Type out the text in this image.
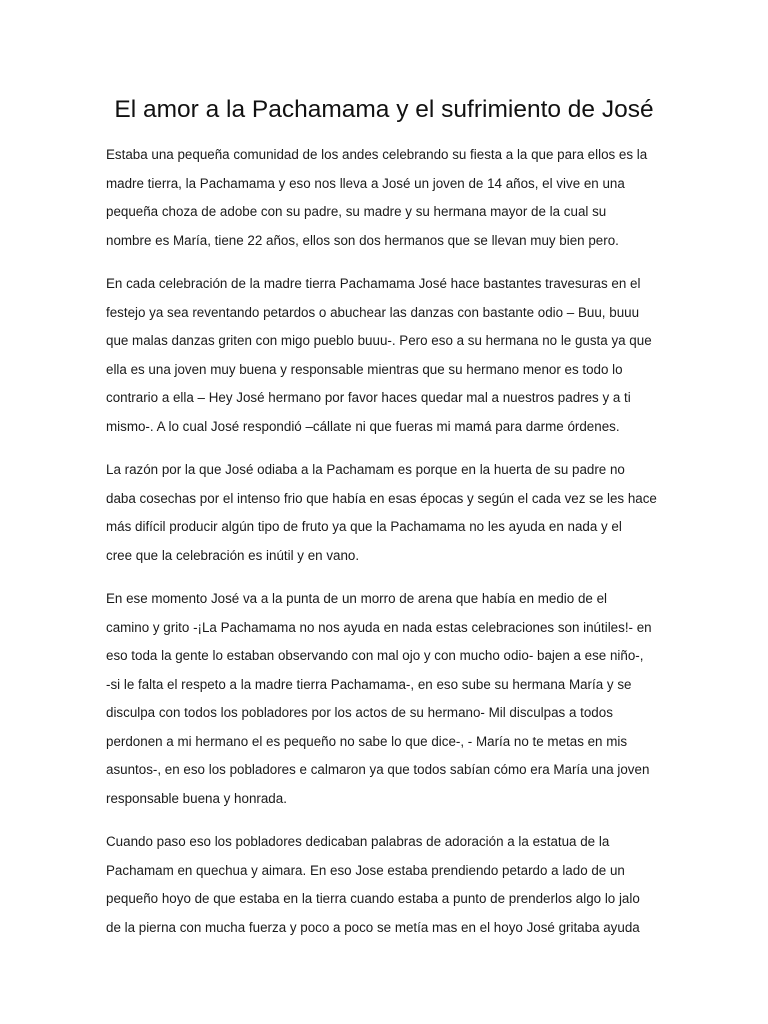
El amor a la Pachamama y el sufrimiento de José

Estaba una pequeña comunidad de los andes celebrando su fiesta a la que para ellos es la
madre tierra, la Pachamama y eso nos lleva a José un joven de 14 años, el vive en una
pequeña choza de adobe con su padre, su madre y su hermana mayor de la cual su
nombre es María, tiene 22 años, ellos son dos hermanos que se llevan muy bien pero.

En cada celebración de la madre tierra Pachamama José hace bastantes travesuras en el
festejo ya sea reventando petardos o abuchear las danzas con bastante odio – Buu, buuu
que malas danzas griten con migo pueblo buuu-. Pero eso a su hermana no le gusta ya que
ella es una joven muy buena y responsable mientras que su hermano menor es todo lo
contrario a ella – Hey José hermano por favor haces quedar mal a nuestros padres y a ti
mismo-. A lo cual José respondió –cállate ni que fueras mi mamá para darme órdenes.

La razón por la que José odiaba a la Pachamam es porque en la huerta de su padre no
daba cosechas por el intenso frio que había en esas épocas y según el cada vez se les hace
más difícil producir algún tipo de fruto ya que la Pachamama no les ayuda en nada y el
cree que la celebración es inútil y en vano.

En ese momento José va a la punta de un morro de arena que había en medio de el
camino y grito -¡La Pachamama no nos ayuda en nada estas celebraciones son inútiles!- en
eso toda la gente lo estaban observando con mal ojo y con mucho odio- bajen a ese niño-,
-si le falta el respeto a la madre tierra Pachamama-, en eso sube su hermana María y se
disculpa con todos los pobladores por los actos de su hermano- Mil disculpas a todos
perdonen a mi hermano el es pequeño no sabe lo que dice-, - María no te metas en mis
asuntos-, en eso los pobladores e calmaron ya que todos sabían cómo era María una joven
responsable buena y honrada.

Cuando paso eso los pobladores dedicaban palabras de adoración a la estatua de la
Pachamam en quechua y aimara. En eso Jose estaba prendiendo petardo a lado de un
pequeño hoyo de que estaba en la tierra cuando estaba a punto de prenderlos algo lo jalo
de la pierna con mucha fuerza y poco a poco se metía mas en el hoyo José gritaba ayuda
